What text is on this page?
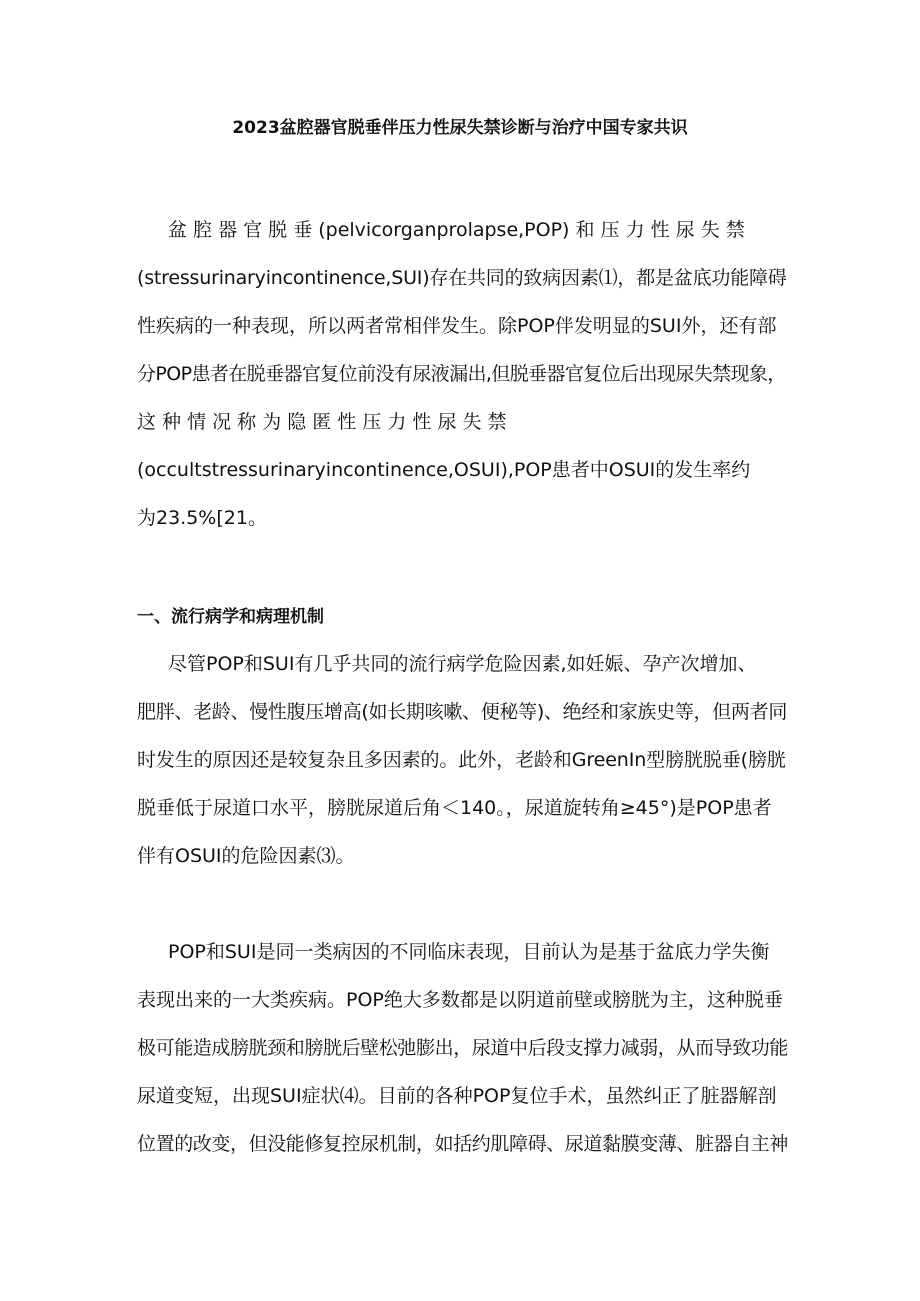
2023盆腔器官脱垂伴压力性尿失禁诊断与治疗中国专家共识
盆 腔 器 官 脱 垂 (pelvicorganprolapse,POP) 和 压 力 性 尿 失 禁
(stressurinaryincontinence,SUI)存在共同的致病因素⑴，都是盆底功能障碍
性疾病的一种表现，所以两者常相伴发生。除POP伴发明显的SUI外，还有部
分POP患者在脱垂器官复位前没有尿液漏出,但脱垂器官复位后出现尿失禁现象，
这 种 情 况 称 为 隐 匿 性 压 力 性 尿 失 禁
(occultstressurinaryincontinence,OSUI),POP患者中OSUI的发生率约
为23.5%[21。
一、流行病学和病理机制
尽管POP和SUI有几乎共同的流行病学危险因素,如妊娠、孕产次增加、
肥胖、老龄、慢性腹压增高(如长期咳嗽、便秘等)、绝经和家族史等，但两者同
时发生的原因还是较复杂且多因素的。此外，老龄和GreenIn型膀胱脱垂(膀胱
脱垂低于尿道口水平，膀胱尿道后角＜140。，尿道旋转角≥45°)是POP患者
伴有OSUI的危险因素⑶。
POP和SUI是同一类病因的不同临床表现，目前认为是基于盆底力学失衡
表现出来的一大类疾病。POP绝大多数都是以阴道前壁或膀胱为主，这种脱垂
极可能造成膀胱颈和膀胱后壁松弛膨出，尿道中后段支撑力减弱，从而导致功能
尿道变短，出现SUI症状⑷。目前的各种POP复位手术，虽然纠正了脏器解剖
位置的改变，但没能修复控尿机制，如括约肌障碍、尿道黏膜变薄、脏器自主神
